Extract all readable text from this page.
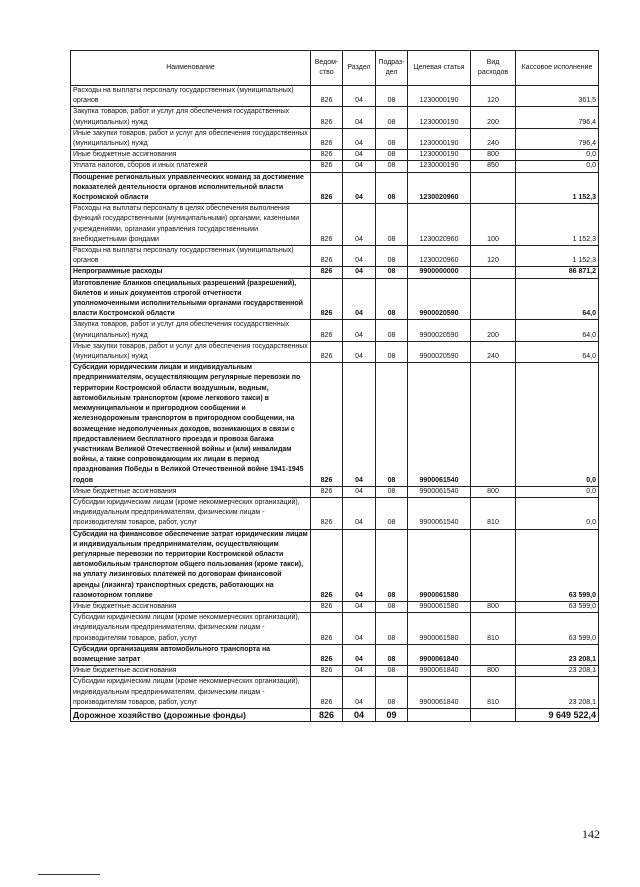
Наименование	Ведом-ство	Раздел	Подраз-дел	Целевая статья	Вид расходов	Кассовое исполнение
Расходы на выплаты персоналу государственных (муниципальных) органов	826	04	08	1230000190	120	361,5
Закупка товаров, работ и услуг для обеспечения государственных (муниципальных) нужд	826	04	08	1230000190	200	796,4
Иные закупки товаров, работ и услуг для обеспечения государственных (муниципальных) нужд	826	04	08	1230000190	240	796,4
Иные бюджетные ассигнования	826	04	08	1230000190	800	0,0
Уплата налогов, сборов и иных платежей	826	04	08	1230000190	850	0,0
Поощрение региональных управленческих команд за достижение показателей деятельности органов исполнительной власти Костромской области	826	04	08	1230020960		1 152,3
Расходы на выплаты персоналу в целях обеспечения выполнения функций государственными (муниципальными) органами, казенными учреждениями, органами управления государственными внебюджетными фондами	826	04	08	1230020960	100	1 152,3
Расходы на выплаты персоналу государственных (муниципальных) органов	826	04	08	1230020960	120	1 152,3
Непрограммные расходы	826	04	08	9900000000		86 871,2
Изготовление бланков специальных разрешений (разрешений), билетов и иных документов строгой отчетности уполномоченными исполнительными органами государственной власти Костромской области	826	04	08	9900020590		64,0
Закупка товаров, работ и услуг для обеспечения государственных (муниципальных) нужд	826	04	08	9900020590	200	64,0
Иные закупки товаров, работ и услуг для обеспечения государственных (муниципальных) нужд	826	04	08	9900020590	240	64,0
Субсидии юридическим лицам и индивидуальным предпринимателям, осуществляющим регулярные перевозки по территории Костромской области воздушным, водным, автомобильным транспортом (кроме легкового такси) в межмуниципальном и пригородном сообщении и железнодорожным транспортом в пригородном сообщении, на возмещение недополученных доходов, возникающих в связи с предоставлением бесплатного проезда и провоза багажа участникам Великой Отечественной войны и (или) инвалидам войны, а также сопровождающим их лицам в период празднования Победы в Великой Отечественной войне 1941-1945 годов	826	04	08	9900061540		0,0
Иные бюджетные ассигнования	826	04	08	9900061540	800	0,0
Субсидии юридическим лицам (кроме некоммерческих организаций), индивидуальным предпринимателям, физическим лицам - производителям товаров, работ, услуг	826	04	08	9900061540	810	0,0
Субсидии на финансовое обеспечение затрат юридическим лицам и индивидуальным предпринимателям, осуществляющим регулярные перевозки по территории Костромской области автомобильным транспортом общего пользования (кроме такси), на уплату лизинговых платежей по договорам финансовой аренды (лизинга) транспортных средств, работающих на газомоторном топливе	826	04	08	9900061580		63 599,0
Иные бюджетные ассигнования	826	04	08	9900061580	800	63 599,0
Субсидии юридическим лицам (кроме некоммерческих организаций), индивидуальным предпринимателям, физическим лицам - производителям товаров, работ, услуг	826	04	08	9900061580	810	63 599,0
Субсидии организациям автомобильного транспорта на возмещение затрат	826	04	08	9900061840		23 208,1
Иные бюджетные ассигнования	826	04	08	9900061840	800	23 208,1
Субсидии юридическим лицам (кроме некоммерческих организаций), индивидуальным предпринимателям, физическим лицам - производителям товаров, работ, услуг	826	04	08	9900061840	810	23 208,1
Дорожное хозяйство (дорожные фонды)	826	04	09			9 649 522,4
142
